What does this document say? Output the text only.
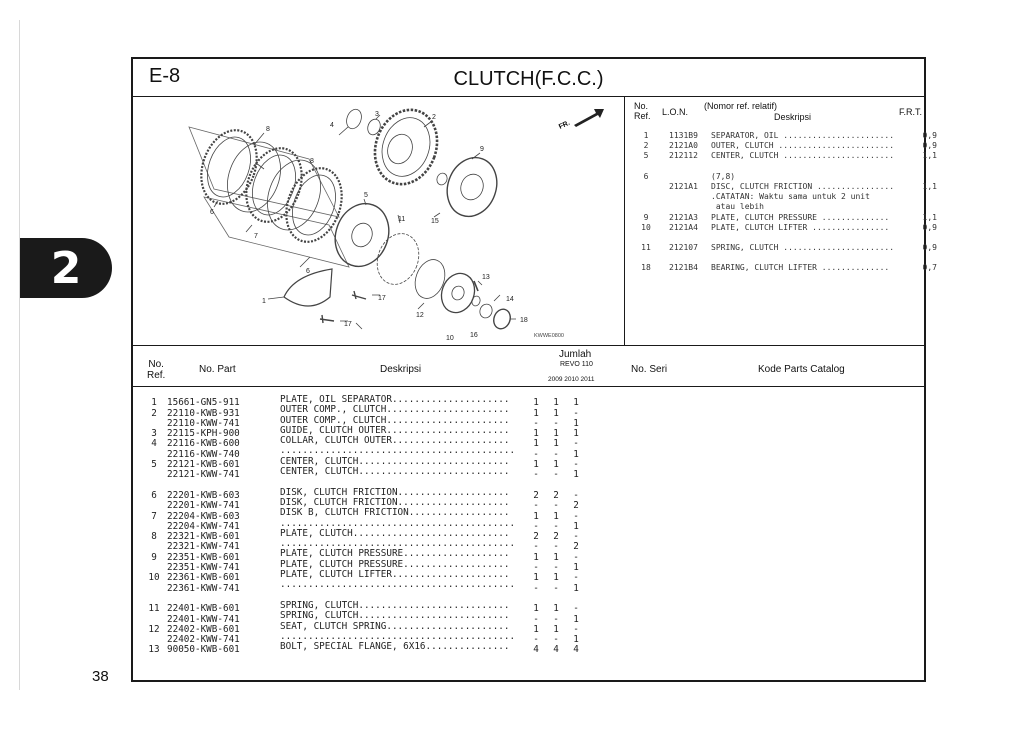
2
38
E-8	CLUTCH(F.C.C.)
FR.
1
3
4
2
5
6
6
7
8
8
9
10
11
12
13
14
15
16
17
17
18
KWWE0800
No.
Ref. L.O.N.
(Nomor ref. relatif)
Deskripsi	F.R.T.
1	1131B9 SEPARATOR, OIL .......................	0,9
2	2121A0 OUTER, CLUTCH ........................	0,9
5	212112 CENTER, CLUTCH .......................	1,1
6	(7,8)
2121A1 DISC, CLUTCH FRICTION ................	1,1
.CATATAN: Waktu sama untuk 2 unit
atau lebih
9	2121A3 PLATE, CLUTCH PRESSURE ..............	1,1
10 2121A4 PLATE, CLUTCH LIFTER ................	0,9
11 212107 SPRING, CLUTCH .......................	0,9
18 2121B4 BEARING, CLUTCH LIFTER ..............	0,7
No.
Ref.
No. Part	Deskripsi
Jumlah
REVO 110
2009 2010 2011
No. Seri	Kode Parts Catalog
1 15661-GN5-911	PLATE, OIL SEPARATOR.....................	1 1 1
2 22110-KWB-931	OUTER COMP., CLUTCH......................	1 1 -
22110-KWW-741	OUTER COMP., CLUTCH......................	- - 1
3 22115-KPH-900	GUIDE, CLUTCH OUTER......................	1 1 1
4 22116-KWB-600	COLLAR, CLUTCH OUTER.....................	1 1 -
22116-KWW-740	.......................................... - - 1
5 22121-KWB-601	CENTER, CLUTCH...........................	1 1 -
22121-KWW-741	CENTER, CLUTCH...........................	- - 1
6 22201-KWB-603	DISK, CLUTCH FRICTION....................	2 2 -
22201-KWW-741	DISK, CLUTCH FRICTION....................	- - 2
7 22204-KWB-603	DISK B, CLUTCH FRICTION..................	1 1 -
22204-KWW-741	.......................................... - - 1
8 22321-KWB-601	PLATE, CLUTCH............................	2 2 -
22321-KWW-741	.......................................... - - 2
9 22351-KWB-601	PLATE, CLUTCH PRESSURE...................	1 1 -
22351-KWW-741	PLATE, CLUTCH PRESSURE...................	- - 1
10 22361-KWB-601	PLATE, CLUTCH LIFTER.....................	1 1 -
22361-KWW-741	.......................................... - - 1
11 22401-KWB-601	SPRING, CLUTCH...........................	1 1 -
22401-KWW-741	SPRING, CLUTCH...........................	- - 1
12 22402-KWB-601	SEAT, CLUTCH SPRING......................	1 1 -
22402-KWW-741	.......................................... - - 1
13 90050-KWB-601	BOLT, SPECIAL FLANGE, 6X16...............	4 4 4
